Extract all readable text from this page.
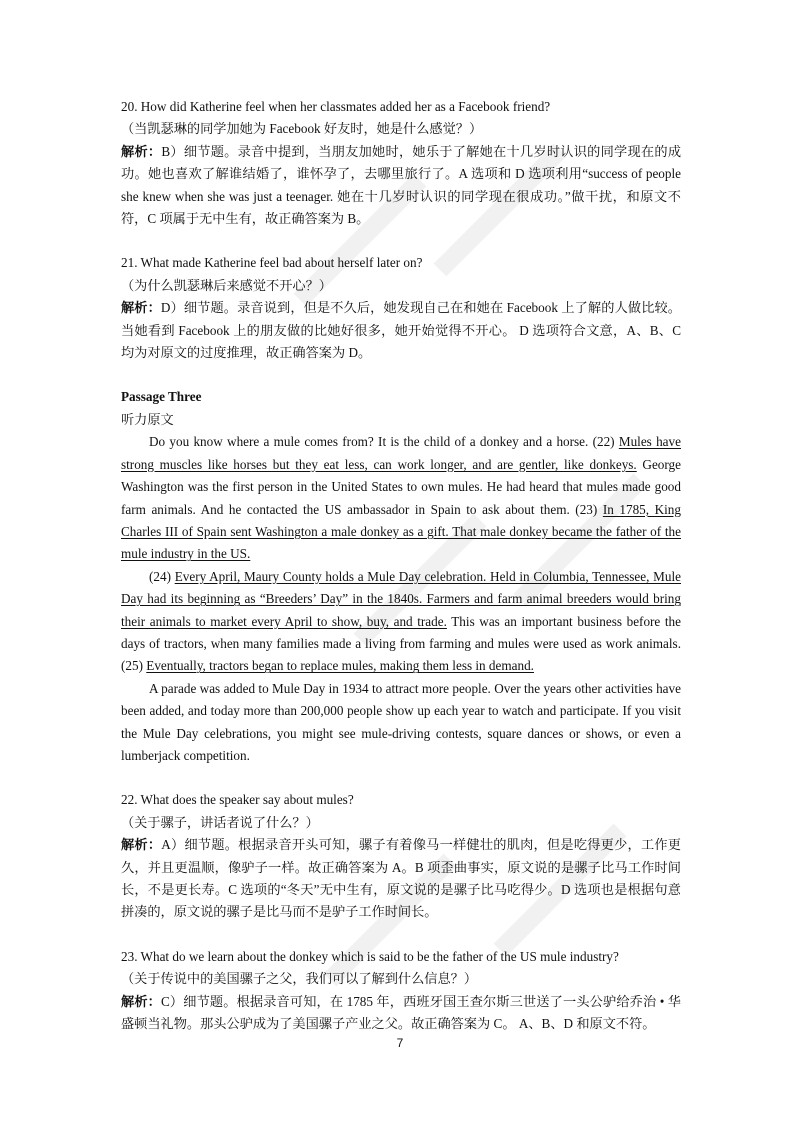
20. How did Katherine feel when her classmates added her as a Facebook friend?

（当凯瑟琳的同学加她为 Facebook 好友时，她是什么感觉？）

解析：B）细节题。录音中提到，当朋友加她时，她乐于了解她在十几岁时认识的同学现在的成功。她也喜欢了解谁结婚了，谁怀孕了，去哪里旅行了。A 选项和 D 选项利用“success of people she knew when she was just a teenager. 她在十几岁时认识的同学现在很成功。”做干扰，和原文不符，C 项属于无中生有，故正确答案为 B。

21. What made Katherine feel bad about herself later on?

（为什么凯瑟琳后来感觉不开心？）

解析：D）细节题。录音说到，但是不久后，她发现自己在和她在 Facebook 上了解的人做比较。当她看到 Facebook 上的朋友做的比她好很多，她开始觉得不开心。 D 选项符合文意，A、B、C 均为对原文的过度推理，故正确答案为 D。

Passage Three

听力原文

Do you know where a mule comes from? It is the child of a donkey and a horse. (22) Mules have strong muscles like horses but they eat less, can work longer, and are gentler, like donkeys. George Washington was the first person in the United States to own mules. He had heard that mules made good farm animals. And he contacted the US ambassador in Spain to ask about them. (23) In 1785, King Charles III of Spain sent Washington a male donkey as a gift. That male donkey became the father of the mule industry in the US.

(24) Every April, Maury County holds a Mule Day celebration. Held in Columbia, Tennessee, Mule Day had its beginning as “Breeders’ Day” in the 1840s. Farmers and farm animal breeders would bring their animals to market every April to show, buy, and trade. This was an important business before the days of tractors, when many families made a living from farming and mules were used as work animals. (25) Eventually, tractors began to replace mules, making them less in demand.

A parade was added to Mule Day in 1934 to attract more people. Over the years other activities have been added, and today more than 200,000 people show up each year to watch and participate. If you visit the Mule Day celebrations, you might see mule-driving contests, square dances or shows, or even a lumberjack competition.

22. What does the speaker say about mules?

（关于骡子，讲话者说了什么？）

解析：A）细节题。根据录音开头可知，骡子有着像马一样健壮的肌肉，但是吃得更少，工作更久，并且更温顺，像驴子一样。故正确答案为 A。B 项歪曲事实，原文说的是骡子比马工作时间长，不是更长寿。C 选项的“冬天”无中生有，原文说的是骡子比马吃得少。D 选项也是根据句意拼凑的，原文说的骡子是比马而不是驴子工作时间长。

23. What do we learn about the donkey which is said to be the father of the US mule industry?

（关于传说中的美国骡子之父，我们可以了解到什么信息？）

解析：C）细节题。根据录音可知，在 1785 年，西班牙国王查尔斯三世送了一头公驴给乔治 • 华盛顿当礼物。那头公驴成为了美国骡子产业之父。故正确答案为 C。 A、B、D 和原文不符。

7
